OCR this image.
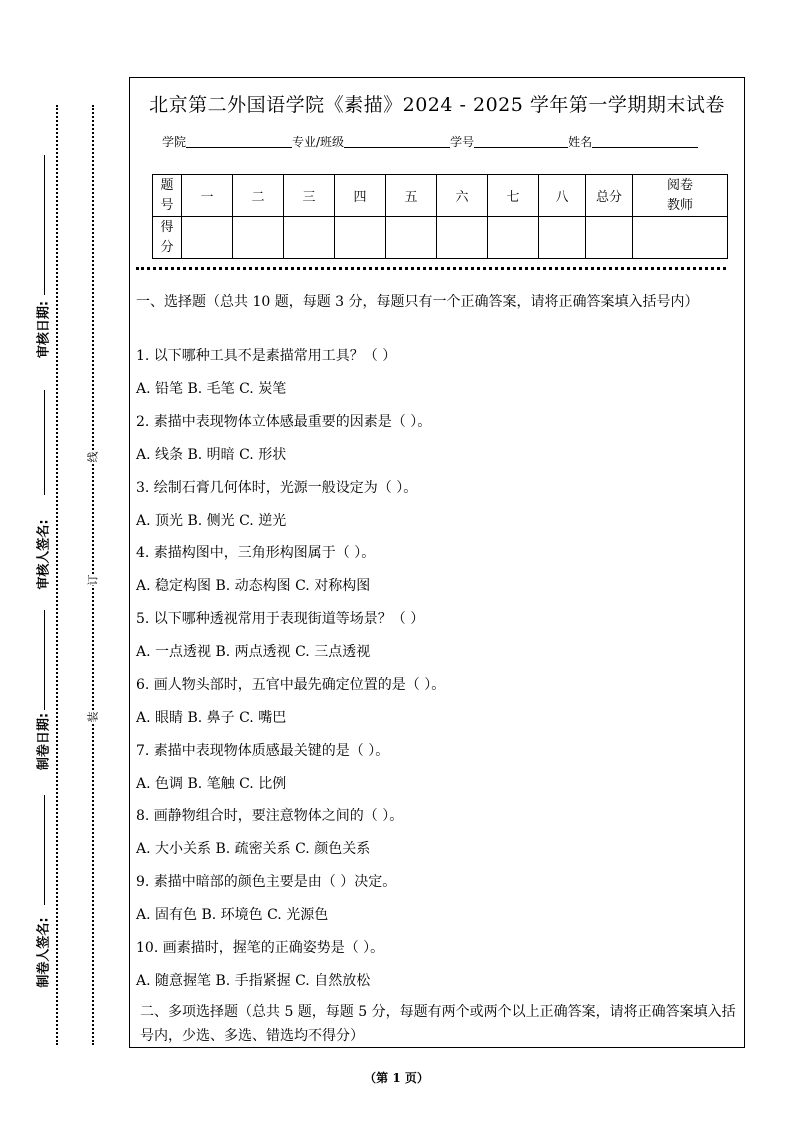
审核日期:
审核人签名:
制卷日期:
制卷人签名:
线
订
装
北京第二外国语学院《素描》2024 - 2025 学年第一学期期末试卷
学院	专业/班级	学号	姓名
题号	一	二	三	四	五	六	七	八	总分	阅卷教师
得分										
一、选择题（总共 10 题，每题 3 分，每题只有一个正确答案，请将正确答案填入括号内）
1. 以下哪种工具不是素描常用工具？（ ）
A. 铅笔 B. 毛笔 C. 炭笔
2. 素描中表现物体立体感最重要的因素是（ ）。
A. 线条 B. 明暗 C. 形状
3. 绘制石膏几何体时，光源一般设定为（ ）。
A. 顶光 B. 侧光 C. 逆光
4. 素描构图中，三角形构图属于（ ）。
A. 稳定构图 B. 动态构图 C. 对称构图
5. 以下哪种透视常用于表现街道等场景？（ ）
A. 一点透视 B. 两点透视 C. 三点透视
6. 画人物头部时，五官中最先确定位置的是（ ）。
A. 眼睛 B. 鼻子 C. 嘴巴
7. 素描中表现物体质感最关键的是（ ）。
A. 色调 B. 笔触 C. 比例
8. 画静物组合时，要注意物体之间的（ ）。
A. 大小关系 B. 疏密关系 C. 颜色关系
9. 素描中暗部的颜色主要是由（ ）决定。
A. 固有色 B. 环境色 C. 光源色
10. 画素描时，握笔的正确姿势是（ ）。
A. 随意握笔 B. 手指紧握 C. 自然放松
二、多项选择题（总共 5 题，每题 5 分，每题有两个或两个以上正确答案，请将正确答案填入括号内，少选、多选、错选均不得分）
（第 1 页）
